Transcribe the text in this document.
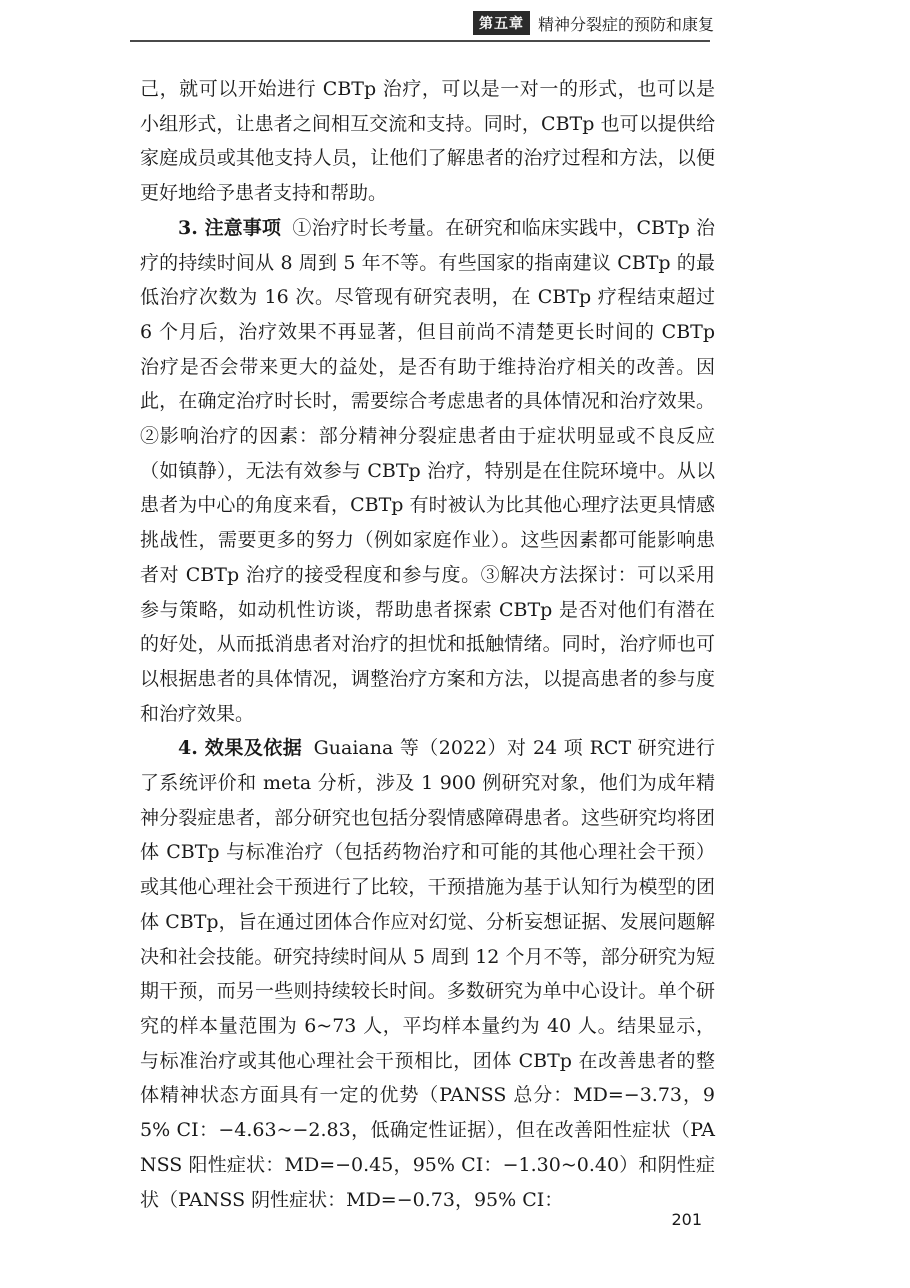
第五章 精神分裂症的预防和康复

己，就可以开始进行 CBTp 治疗，可以是一对一的形式，也可以是小组形式，让患者之间相互交流和支持。同时，CBTp 也可以提供给家庭成员或其他支持人员，让他们了解患者的治疗过程和方法，以便更好地给予患者支持和帮助。

3. 注意事项 ①治疗时长考量。在研究和临床实践中，CBTp 治疗的持续时间从 8 周到 5 年不等。有些国家的指南建议 CBTp 的最低治疗次数为 16 次。尽管现有研究表明，在 CBTp 疗程结束超过 6 个月后，治疗效果不再显著，但目前尚不清楚更长时间的 CBTp 治疗是否会带来更大的益处，是否有助于维持治疗相关的改善。因此，在确定治疗时长时，需要综合考虑患者的具体情况和治疗效果。②影响治疗的因素：部分精神分裂症患者由于症状明显或不良反应（如镇静），无法有效参与 CBTp 治疗，特别是在住院环境中。从以患者为中心的角度来看，CBTp 有时被认为比其他心理疗法更具情感挑战性，需要更多的努力（例如家庭作业）。这些因素都可能影响患者对 CBTp 治疗的接受程度和参与度。③解决方法探讨：可以采用参与策略，如动机性访谈，帮助患者探索 CBTp 是否对他们有潜在的好处，从而抵消患者对治疗的担忧和抵触情绪。同时，治疗师也可以根据患者的具体情况，调整治疗方案和方法，以提高患者的参与度和治疗效果。

4. 效果及依据 Guaiana 等（2022）对 24 项 RCT 研究进行了系统评价和 meta 分析，涉及 1 900 例研究对象，他们为成年精神分裂症患者，部分研究也包括分裂情感障碍患者。这些研究均将团体 CBTp 与标准治疗（包括药物治疗和可能的其他心理社会干预）或其他心理社会干预进行了比较，干预措施为基于认知行为模型的团体 CBTp，旨在通过团体合作应对幻觉、分析妄想证据、发展问题解决和社会技能。研究持续时间从 5 周到 12 个月不等，部分研究为短期干预，而另一些则持续较长时间。多数研究为单中心设计。单个研究的样本量范围为 6~73 人，平均样本量约为 40 人。结果显示，与标准治疗或其他心理社会干预相比，团体 CBTp 在改善患者的整体精神状态方面具有一定的优势（PANSS 总分：MD=−3.73，95% CI：−4.63~−2.83，低确定性证据），但在改善阳性症状（PANSS 阳性症状：MD=−0.45，95% CI：−1.30~0.40）和阴性症状（PANSS 阴性症状：MD=−0.73，95% CI：

201
